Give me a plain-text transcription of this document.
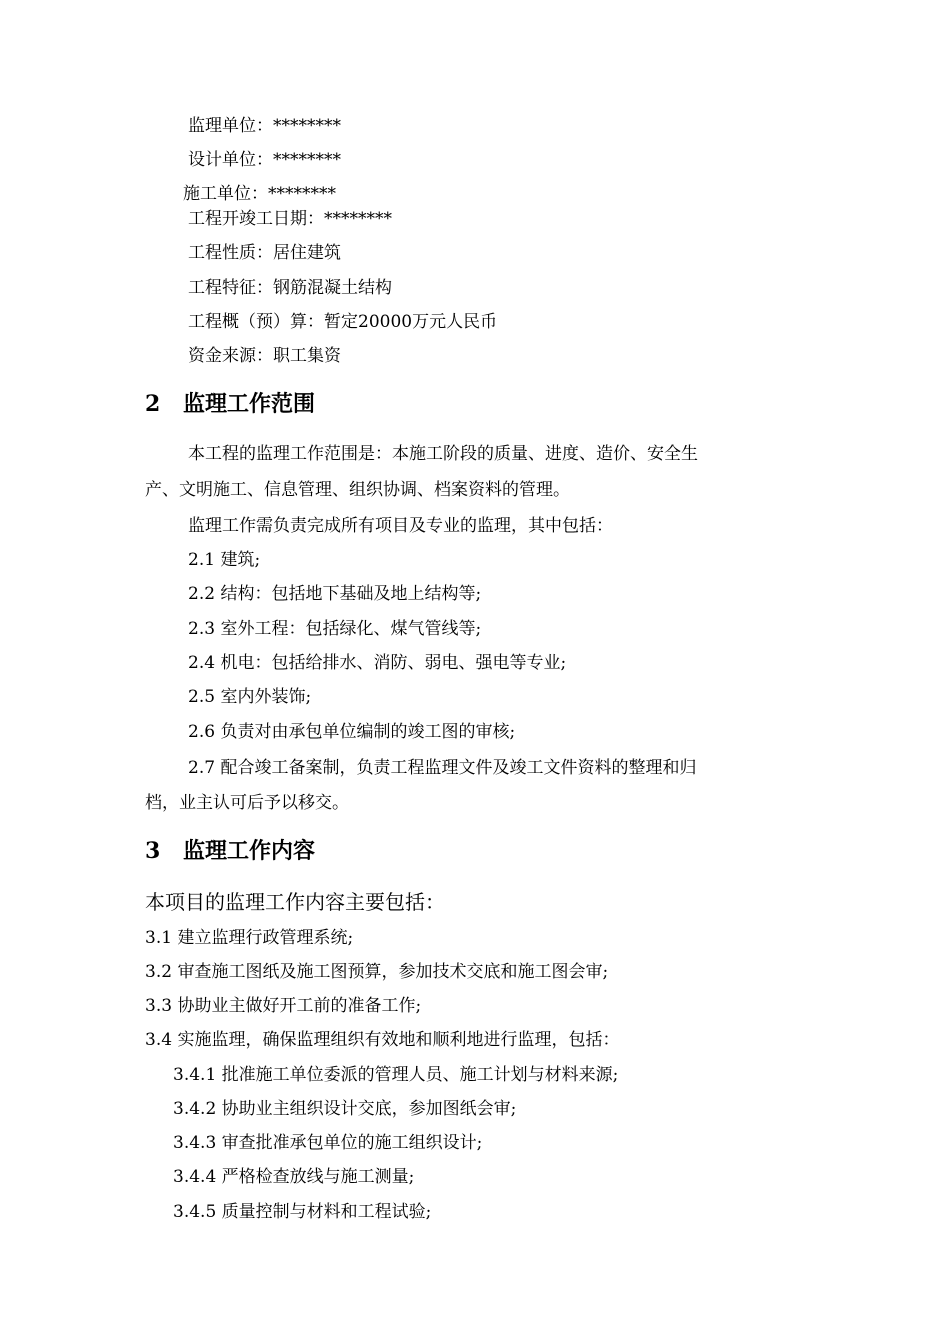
监理单位：********
设计单位：********
施工单位：********
工程开竣工日期：********
工程性质：居住建筑
工程特征：钢筋混凝土结构
工程概（预）算：暂定20000万元人民币
资金来源：职工集资
2 监理工作范围
本工程的监理工作范围是：本施工阶段的质量、进度、造价、安全生
产、文明施工、信息管理、组织协调、档案资料的管理。
监理工作需负责完成所有项目及专业的监理，其中包括：
2.1 建筑;
2.2 结构：包括地下基础及地上结构等;
2.3 室外工程：包括绿化、煤气管线等;
2.4 机电：包括给排水、消防、弱电、强电等专业;
2.5 室内外装饰;
2.6 负责对由承包单位编制的竣工图的审核;
2.7 配合竣工备案制，负责工程监理文件及竣工文件资料的整理和归
档，业主认可后予以移交。
3 监理工作内容
本项目的监理工作内容主要包括：
3.1 建立监理行政管理系统;
3.2 审查施工图纸及施工图预算，参加技术交底和施工图会审;
3.3 协助业主做好开工前的准备工作;
3.4 实施监理，确保监理组织有效地和顺利地进行监理，包括：
3.4.1 批准施工单位委派的管理人员、施工计划与材料来源;
3.4.2 协助业主组织设计交底，参加图纸会审;
3.4.3 审查批准承包单位的施工组织设计;
3.4.4 严格检查放线与施工测量;
3.4.5 质量控制与材料和工程试验;
